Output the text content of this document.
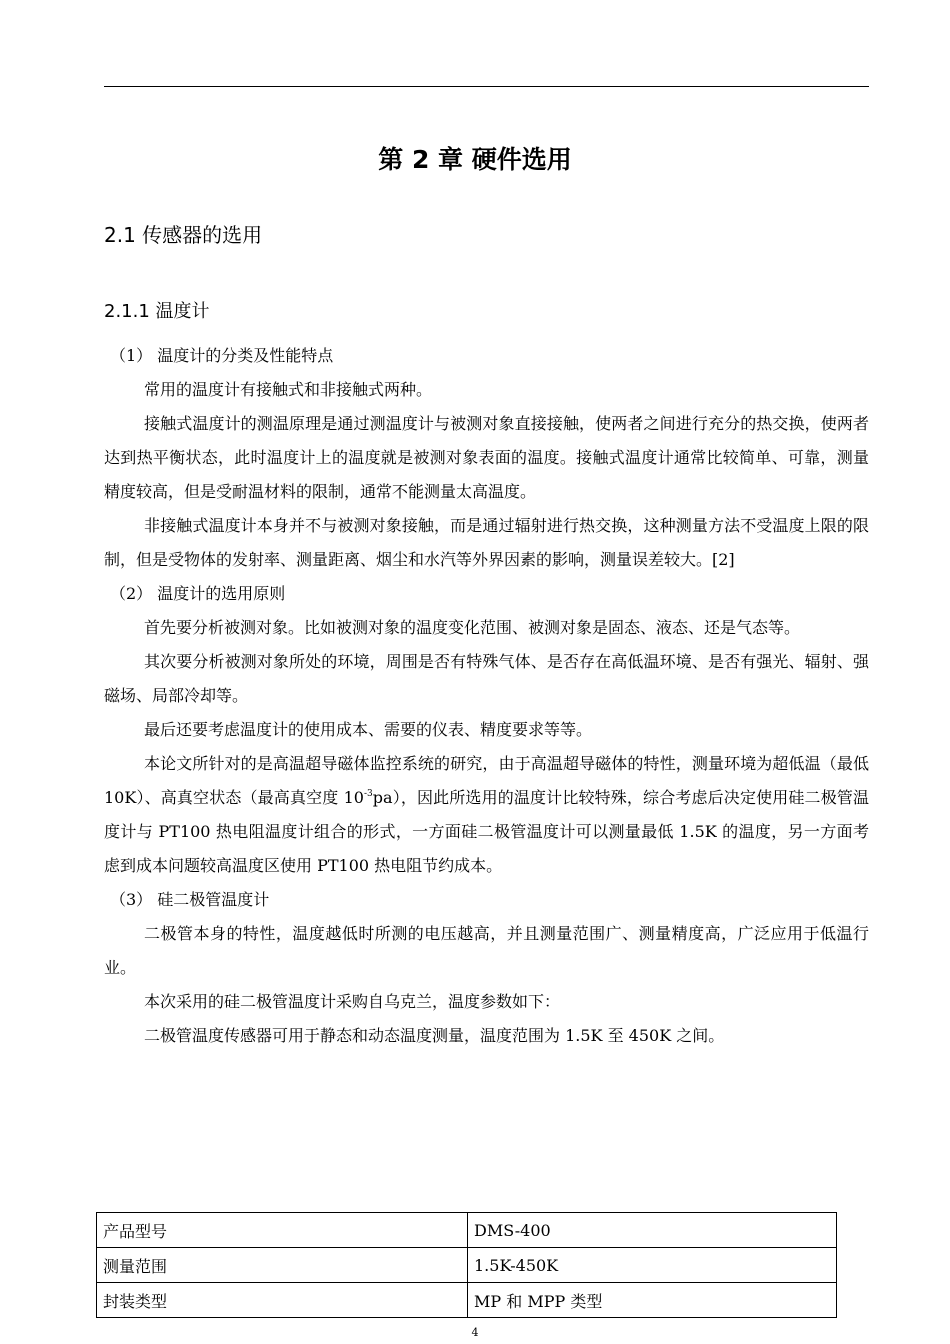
第 2 章 硬件选用
2.1 传感器的选用
2.1.1 温度计

（1） 温度计的分类及性能特点

常用的温度计有接触式和非接触式两种。

接触式温度计的测温原理是通过测温度计与被测对象直接接触，使两者之间进行充分的热交换，使两者达到热平衡状态，此时温度计上的温度就是被测对象表面的温度。接触式温度计通常比较简单、可靠，测量精度较高，但是受耐温材料的限制，通常不能测量太高温度。

非接触式温度计本身并不与被测对象接触，而是通过辐射进行热交换，这种测量方法不受温度上限的限制，但是受物体的发射率、测量距离、烟尘和水汽等外界因素的影响，测量误差较大。[2]

（2） 温度计的选用原则

首先要分析被测对象。比如被测对象的温度变化范围、被测对象是固态、液态、还是气态等。

其次要分析被测对象所处的环境，周围是否有特殊气体、是否存在高低温环境、是否有强光、辐射、强磁场、局部冷却等。

最后还要考虑温度计的使用成本、需要的仪表、精度要求等等。

本论文所针对的是高温超导磁体监控系统的研究，由于高温超导磁体的特性，测量环境为超低温（最低 10K）、高真空状态（最高真空度 $10^{-3}pa$），因此所选用的温度计比较特殊，综合考虑后决定使用硅二极管温度计与 PT100 热电阻温度计组合的形式，一方面硅二极管温度计可以测量最低 1.5K 的温度，另一方面考虑到成本问题较高温度区使用 PT100 热电阻节约成本。

（3） 硅二极管温度计

二极管本身的特性，温度越低时所测的电压越高，并且测量范围广、测量精度高，广泛应用于低温行业。

本次采用的硅二极管温度计采购自乌克兰，温度参数如下：

二极管温度传感器可用于静态和动态温度测量，温度范围为 1.5K 至 450K 之间。

产品型号	DMS-400
测量范围	1.5K-450K
封装类型	MP 和 MPP 类型
4
